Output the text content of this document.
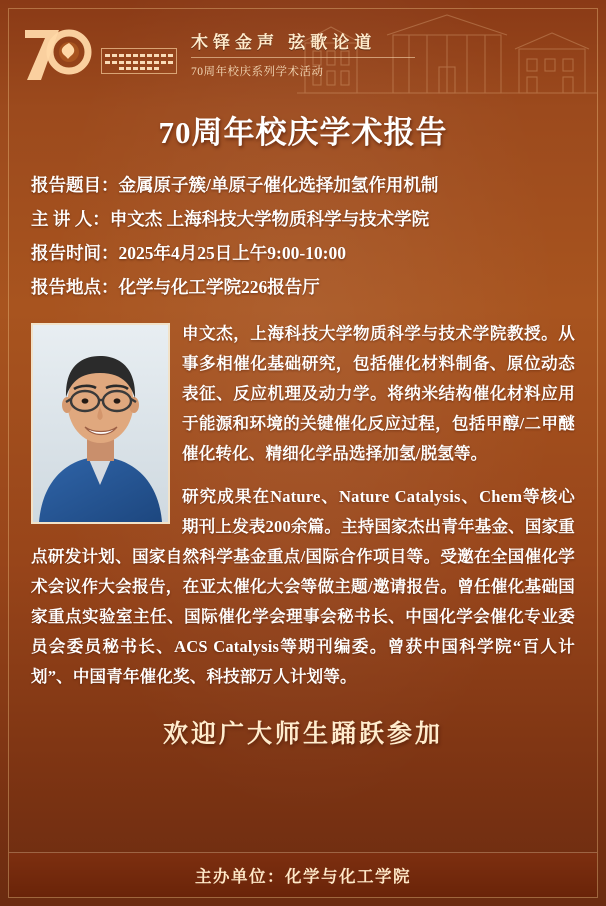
木铎金声 弦歌论道
70周年校庆系列学术活动
70周年校庆学术报告
报告题目：金属原子簇/单原子催化选择加氢作用机制
主 讲 人：申文杰 上海科技大学物质科学与技术学院
报告时间：2025年4月25日上午9:00-10:00
报告地点：化学与化工学院226报告厅
申文杰，上海科技大学物质科学与技术学院教授。从事多相催化基础研究，包括催化材料制备、原位动态表征、反应机理及动力学。将纳米结构催化材料应用于能源和环境的关键催化反应过程，包括甲醇/二甲醚催化转化、精细化学品选择加氢/脱氢等。
研究成果在Nature、Nature Catalysis、Chem等核心期刊上发表200余篇。主持国家杰出青年基金、国家重点研发计划、国家自然科学基金重点/国际合作项目等。受邀在全国催化学术会议作大会报告，在亚太催化大会等做主题/邀请报告。曾任催化基础国家重点实验室主任、国际催化学会理事会秘书长、中国化学会催化专业委员会委员秘书长、ACS Catalysis等期刊编委。曾获中国科学院“百人计划”、中国青年催化奖、科技部万人计划等。
欢迎广大师生踊跃参加
主办单位：化学与化工学院
